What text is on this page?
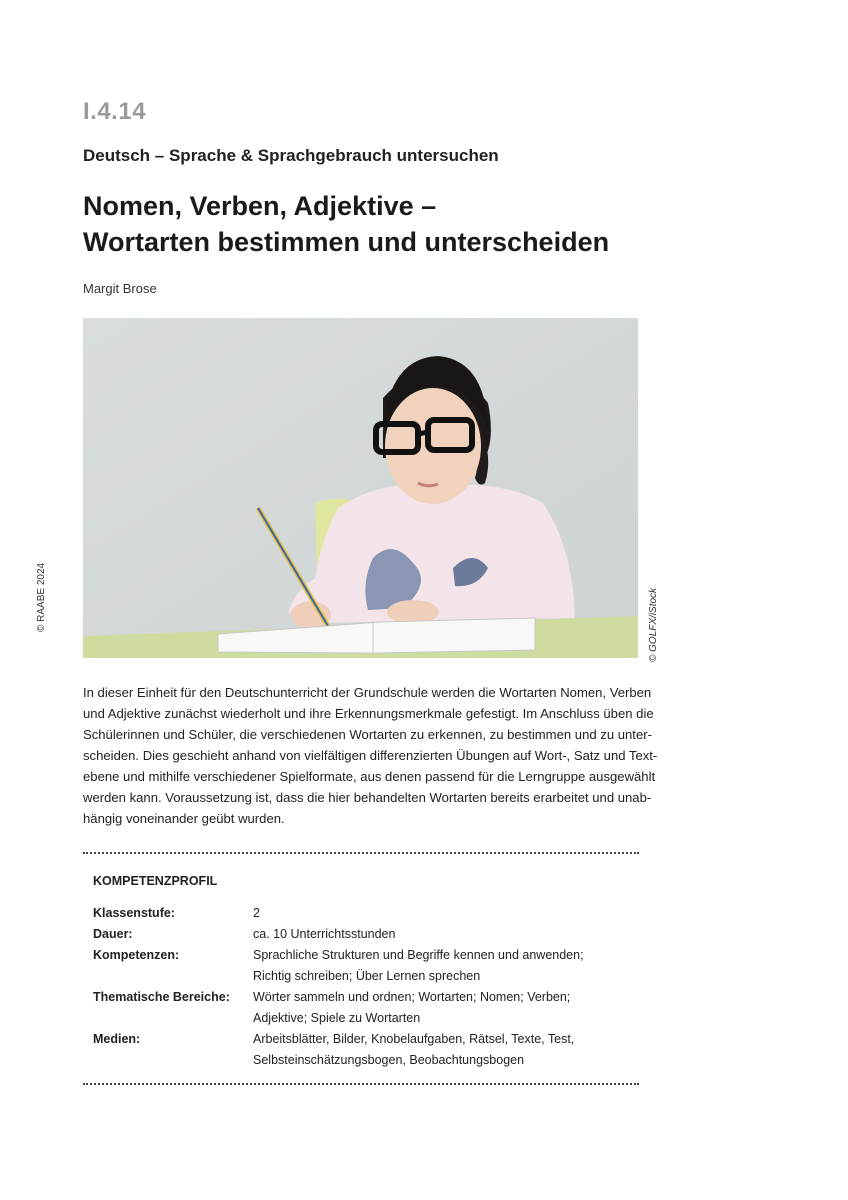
I.4.14
Deutsch – Sprache & Sprachgebrauch untersuchen
Nomen, Verben, Adjektive –
Wortarten bestimmen und unterscheiden
Margit Brose
© RAABE 2024	© GOLFX/iStock
In dieser Einheit für den Deutschunterricht der Grundschule werden die Wortarten Nomen, Verben
und Adjektive zunächst wiederholt und ihre Erkennungsmerkmale gefestigt. Im Anschluss üben die
Schülerinnen und Schüler, die verschiedenen Wortarten zu erkennen, zu bestimmen und zu unter-
scheiden. Dies geschieht anhand von vielfältigen differenzierten Übungen auf Wort-, Satz und Text-
ebene und mithilfe verschiedener Spielformate, aus denen passend für die Lerngruppe ausgewählt
werden kann. Voraussetzung ist, dass die hier behandelten Wortarten bereits erarbeitet und unab-
hängig voneinander geübt wurden.
KOMPETENZPROFIL
Klassenstufe:	2
Dauer:	ca. 10 Unterrichtsstunden
Kompetenzen:	Sprachliche Strukturen und Begriffe kennen und anwenden;
Richtig schreiben; Über Lernen sprechen
Thematische Bereiche:	Wörter sammeln und ordnen; Wortarten; Nomen; Verben;
Adjektive; Spiele zu Wortarten
Medien:	Arbeitsblätter, Bilder, Knobelaufgaben, Rätsel, Texte, Test,
Selbsteinschätzungsbogen, Beobachtungsbogen
